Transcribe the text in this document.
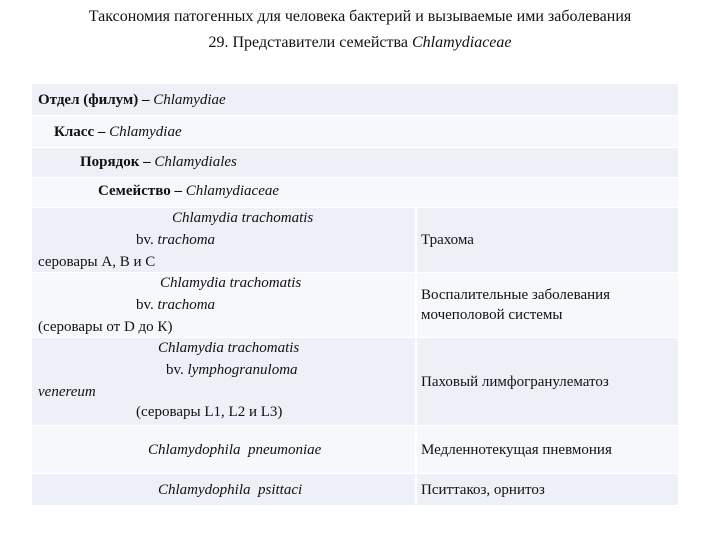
Таксономия патогенных для человека бактерий и вызываемые ими заболевания
29. Представители семейства Chlamydiaceae
Отдел (филум) – Chlamydiae
Класс – Chlamydiae
Порядок – Chlamydiales
Семейство – Chlamydiaceae
Chlamydia trachomatis
bv. trachoma
серовары А, В и С
Трахома
Chlamydia trachomatis
bv. trachoma
(серовары от D до К)
Воспалительные заболевания
мочеполовой системы
Chlamydia trachomatis
bv. lymphogranuloma
venereum
(серовары L1, L2 и L3)
Паховый лимфогранулематоз
Chlamydophila  pneumoniae	Медленнотекущая пневмония
Chlamydophila  psittaci	Пситтакоз, орнитоз
